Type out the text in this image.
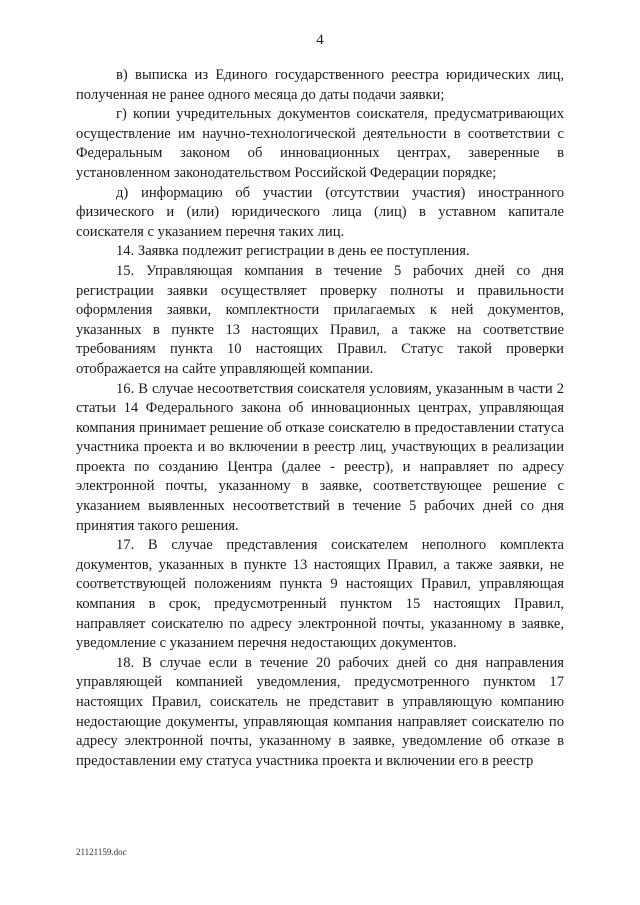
4

в) выписка из Единого государственного реестра юридических лиц, полученная не ранее одного месяца до даты подачи заявки;

г) копии учредительных документов соискателя, предусматривающих осуществление им научно-технологической деятельности в соответствии с Федеральным законом об инновационных центрах, заверенные в установленном законодательством Российской Федерации порядке;

д) информацию об участии (отсутствии участия) иностранного физического и (или) юридического лица (лиц) в уставном капитале соискателя с указанием перечня таких лиц.

14. Заявка подлежит регистрации в день ее поступления.

15. Управляющая компания в течение 5 рабочих дней со дня регистрации заявки осуществляет проверку полноты и правильности оформления заявки, комплектности прилагаемых к ней документов, указанных в пункте 13 настоящих Правил, а также на соответствие требованиям пункта 10 настоящих Правил. Статус такой проверки отображается на сайте управляющей компании.

16. В случае несоответствия соискателя условиям, указанным в части 2 статьи 14 Федерального закона об инновационных центрах, управляющая компания принимает решение об отказе соискателю в предоставлении статуса участника проекта и во включении в реестр лиц, участвующих в реализации проекта по созданию Центра (далее - реестр), и направляет по адресу электронной почты, указанному в заявке, соответствующее решение с указанием выявленных несоответствий в течение 5 рабочих дней со дня принятия такого решения.

17. В случае представления соискателем неполного комплекта документов, указанных в пункте 13 настоящих Правил, а также заявки, не соответствующей положениям пункта 9 настоящих Правил, управляющая компания в срок, предусмотренный пунктом 15 настоящих Правил, направляет соискателю по адресу электронной почты, указанному в заявке, уведомление с указанием перечня недостающих документов.

18. В случае если в течение 20 рабочих дней со дня направления управляющей компанией уведомления, предусмотренного пунктом 17 настоящих Правил, соискатель не представит в управляющую компанию недостающие документы, управляющая компания направляет соискателю по адресу электронной почты, указанному в заявке, уведомление об отказе в предоставлении ему статуса участника проекта и включении его в реестр

21121159.doc
